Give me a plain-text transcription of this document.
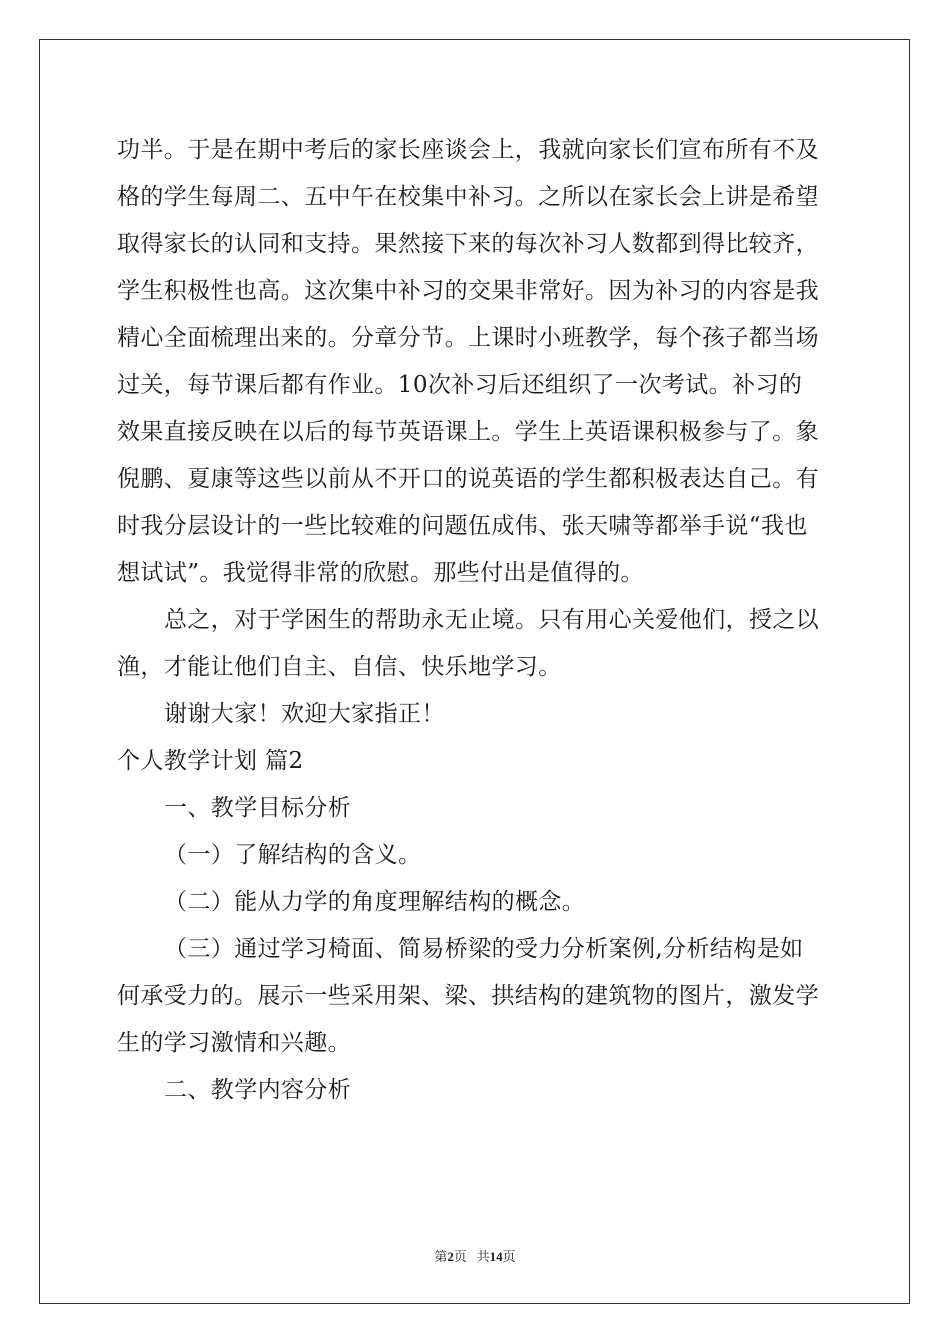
功半。于是在期中考后的家长座谈会上，我就向家长们宣布所有不及
格的学生每周二、五中午在校集中补习。之所以在家长会上讲是希望
取得家长的认同和支持。果然接下来的每次补习人数都到得比较齐，
学生积极性也高。这次集中补习的交果非常好。因为补习的内容是我
精心全面梳理出来的。分章分节。上课时小班教学，每个孩子都当场
过关，每节课后都有作业。10次补习后还组织了一次考试。补习的
效果直接反映在以后的每节英语课上。学生上英语课积极参与了。象
倪鹏、夏康等这些以前从不开口的说英语的学生都积极表达自己。有
时我分层设计的一些比较难的问题伍成伟、张天啸等都举手说“我也
想试试”。我觉得非常的欣慰。那些付出是值得的。
总之，对于学困生的帮助永无止境。只有用心关爱他们，授之以
渔，才能让他们自主、自信、快乐地学习。
谢谢大家！欢迎大家指正！
个人教学计划 篇2
一、教学目标分析
（一）了解结构的含义。
（二）能从力学的角度理解结构的概念。
（三）通过学习椅面、简易桥梁的受力分析案例,分析结构是如
何承受力的。展示一些采用架、梁、拱结构的建筑物的图片，激发学
生的学习激情和兴趣。
二、教学内容分析
第2页 共14页
